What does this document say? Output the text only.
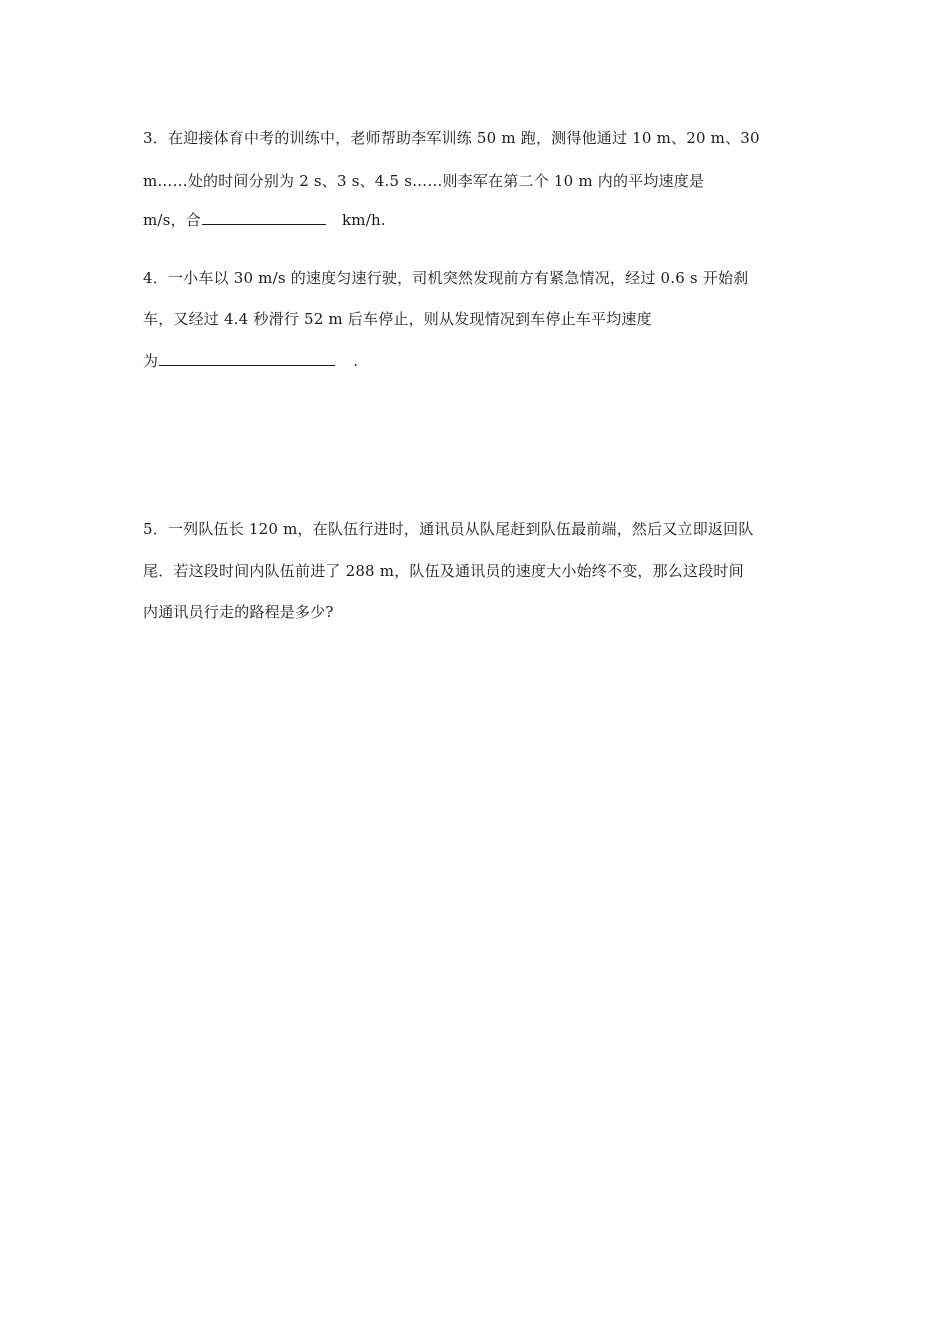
3．在迎接体育中考的训练中，老师帮助李军训练 50 m 跑，测得他通过 10 m、20 m、30
m……处的时间分别为 2 s、3 s、4.5 s……则李军在第二个 10 m 内的平均速度是
m/s，合	km/h.
4．一小车以 30 m/s 的速度匀速行驶，司机突然发现前方有紧急情况，经过 0.6 s 开始刹
车，又经过 4.4 秒滑行 52 m 后车停止，则从发现情况到车停止车平均速度
为	.
5．一列队伍长 120 m，在队伍行进时，通讯员从队尾赶到队伍最前端，然后又立即返回队
尾．若这段时间内队伍前进了 288 m，队伍及通讯员的速度大小始终不变，那么这段时间
内通讯员行走的路程是多少?
